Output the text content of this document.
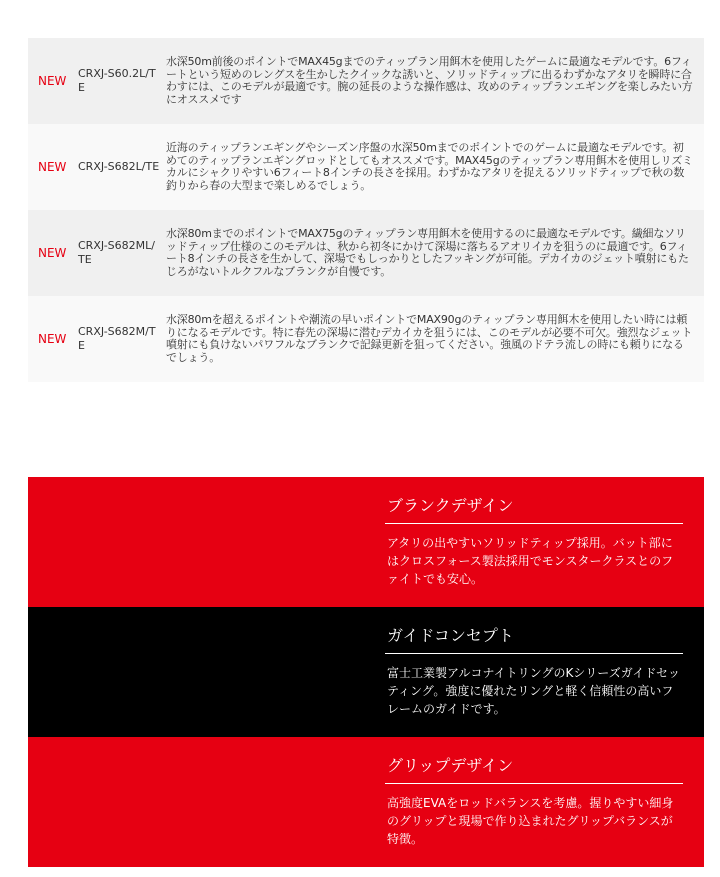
NEW
CRXJ-S60.2L/TE
水深50m前後のポイントでMAX45gまでのティップラン用餌木を使用したゲームに最適なモデルです。6フィートという短めのレングスを生かしたクイックな誘いと、ソリッドティップに出るわずかなアタリを瞬時に合わすには、このモデルが最適です。腕の延長のような操作感は、攻めのティップランエギングを楽しみたい方にオススメです
NEW	CRXJ-S682L/TE
近海のティップランエギングやシーズン序盤の水深50mまでのポイントでのゲームに最適なモデルです。初めてのティップランエギングロッドとしてもオススメです。MAX45gのティップラン専用餌木を使用しリズミカルにシャクリやすい6フィート8インチの長さを採用。わずかなアタリを捉えるソリッドティップで秋の数釣りから春の大型まで楽しめるでしょう。
NEW
CRXJ-S682ML/TE
水深80mまでのポイントでMAX75gのティップラン専用餌木を使用するのに最適なモデルです。繊細なソリッドティップ仕様のこのモデルは、秋から初冬にかけて深場に落ちるアオリイカを狙うのに最適です。6フィート8インチの長さを生かして、深場でもしっかりとしたフッキングが可能。デカイカのジェット噴射にもたじろがないトルクフルなブランクが自慢です。
NEW
CRXJ-S682M/TE
水深80mを超えるポイントや潮流の早いポイントでMAX90gのティップラン専用餌木を使用したい時には頼りになるモデルです。特に春先の深場に潜むデカイカを狙うには、このモデルが必要不可欠。強烈なジェット噴射にも負けないパワフルなブランクで記録更新を狙ってください。強風のドテラ流しの時にも頼りになるでしょう。
ブランクデザイン
アタリの出やすいソリッドティップ採用。バット部にはクロスフォース製法採用でモンスタークラスとのファイトでも安心。
ガイドコンセプト
富士工業製アルコナイトリングのKシリーズガイドセッティング。強度に優れたリングと軽く信頼性の高いフレームのガイドです。
グリップデザイン
高強度EVAをロッドバランスを考慮。握りやすい細身のグリップと現場で作り込まれたグリップバランスが特徴。
